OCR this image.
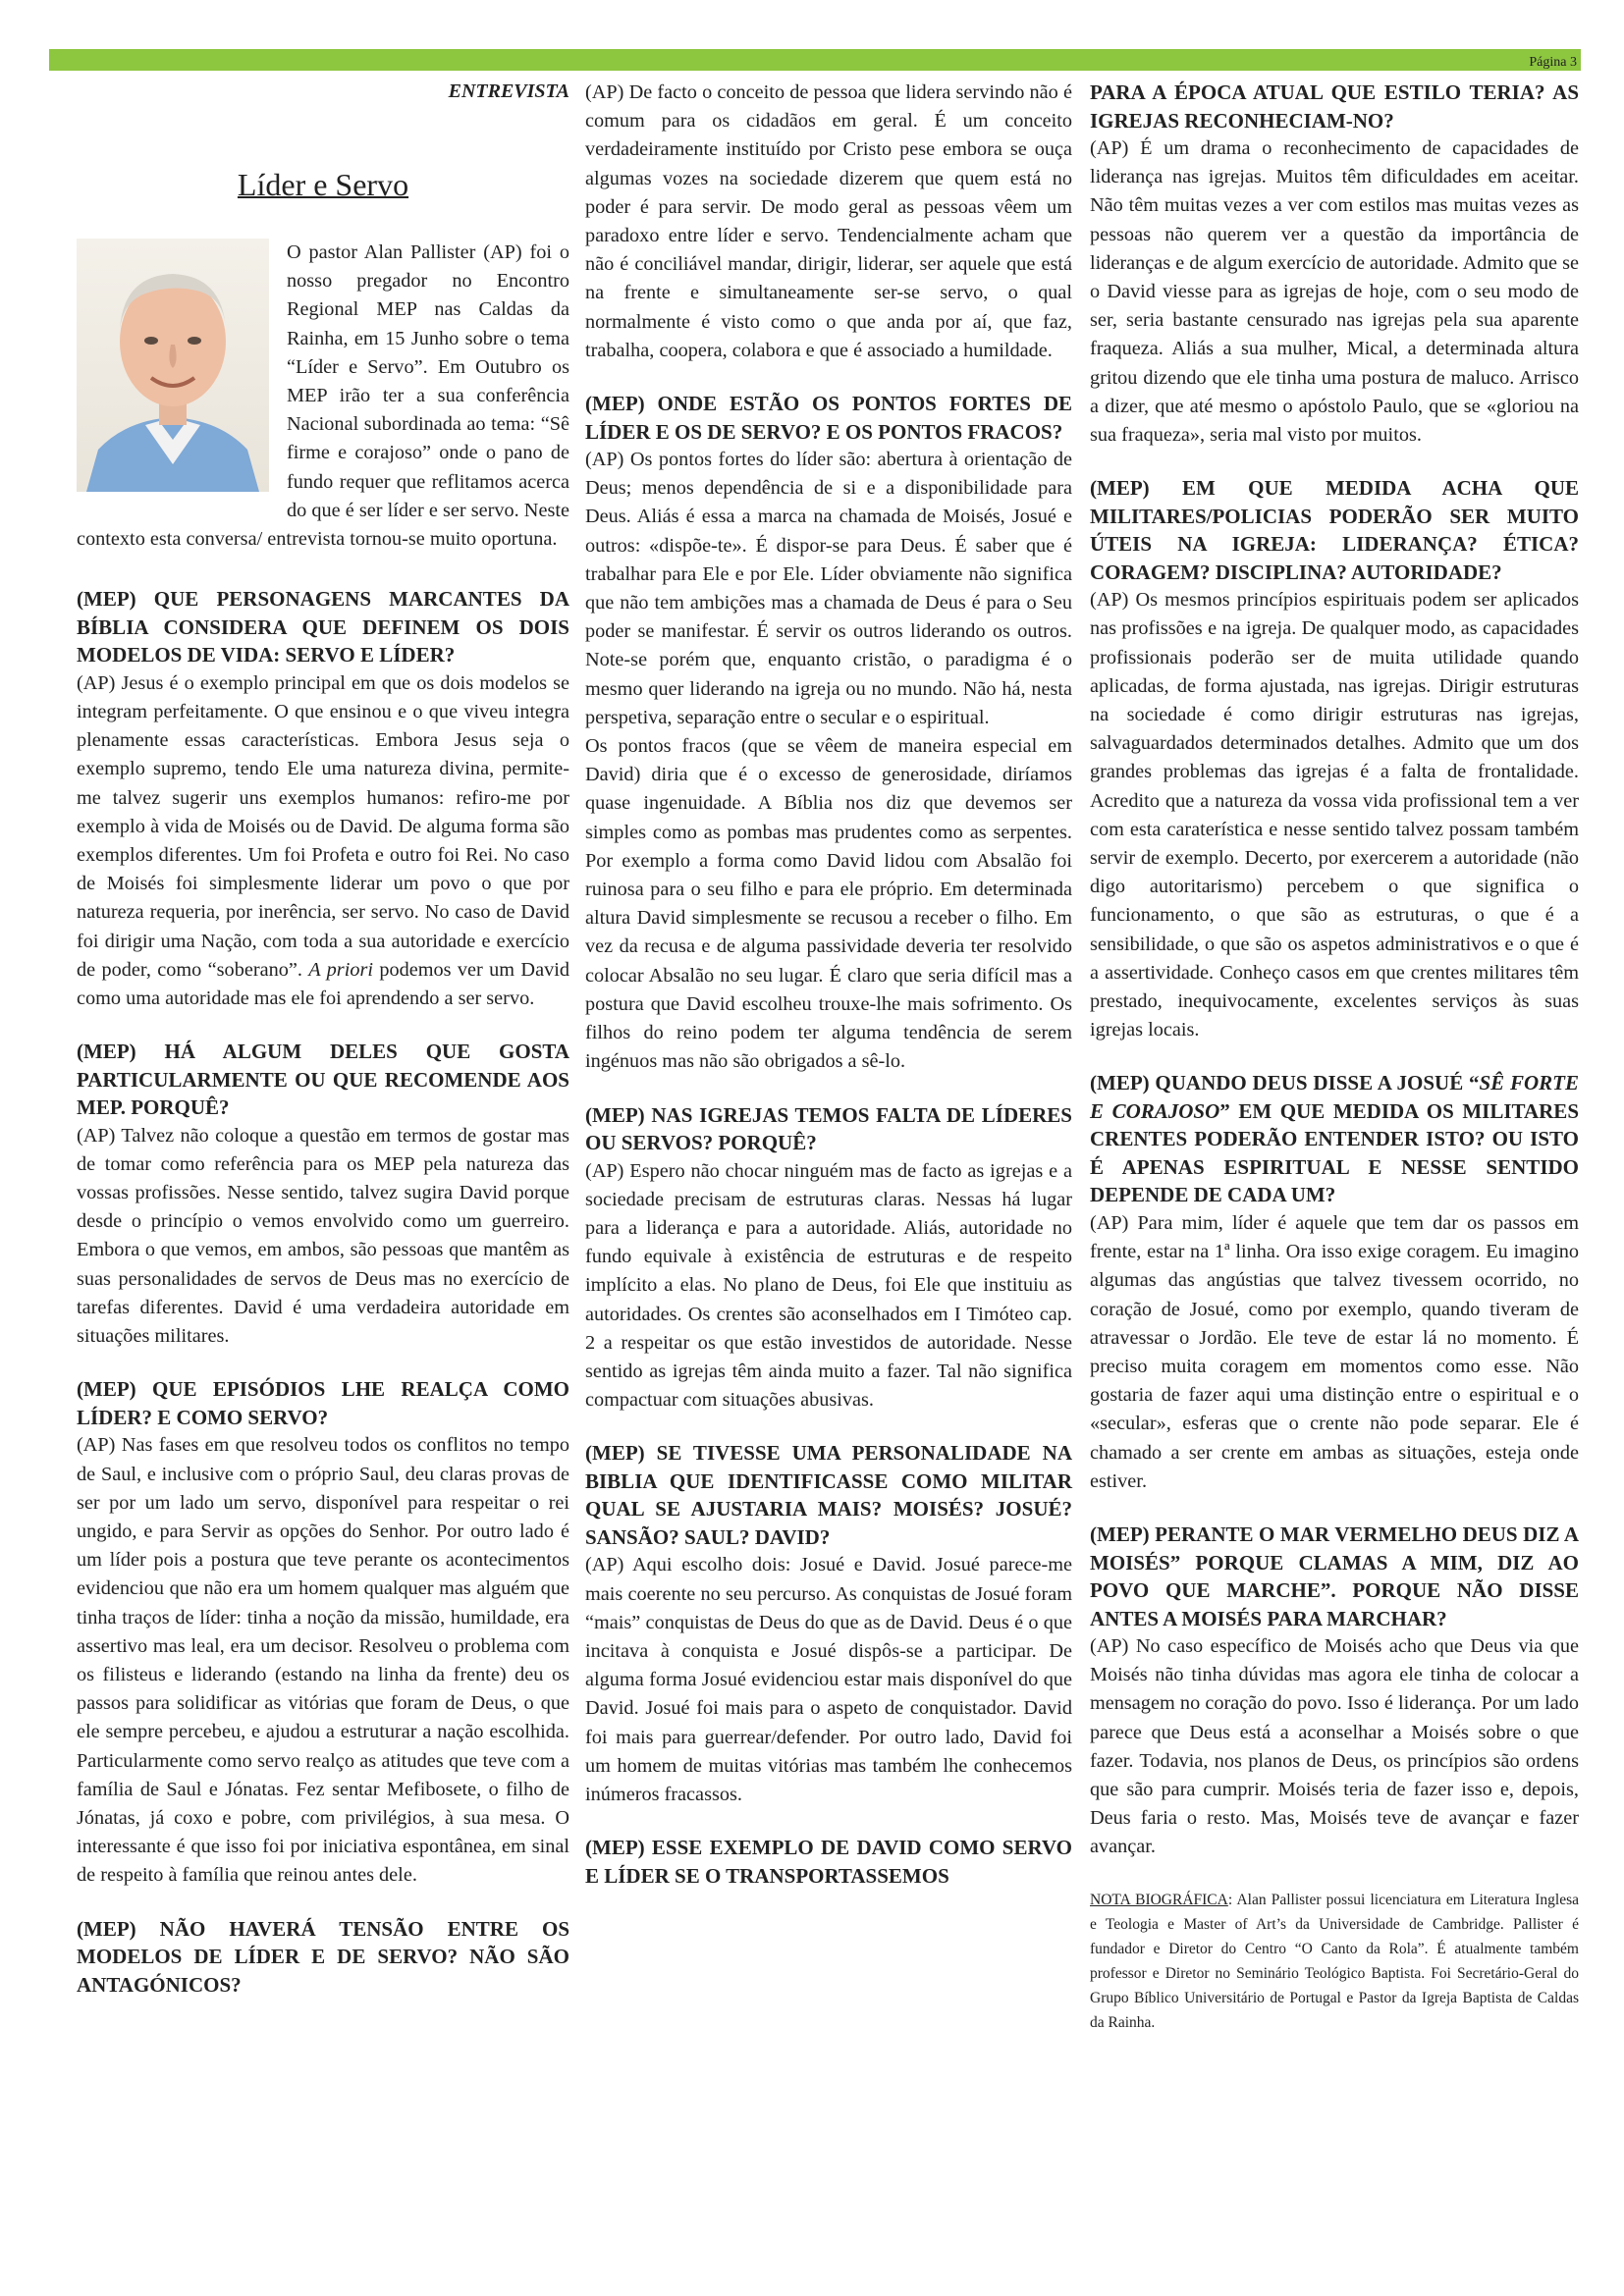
Página 3

ENTREVISTA

Líder e Servo

O pastor Alan Pallister (AP) foi o nosso pregador no Encontro Regional MEP nas Caldas da Rainha, em 15 Junho sobre o tema “Líder e Servo”. Em Outubro os MEP irão ter a sua conferência Nacional subordinada ao tema: “Sê firme e corajoso” onde o pano de fundo requer que reflitamos acerca do que é ser líder e ser servo. Neste contexto esta conversa/ entrevista tornou-se muito oportuna.

(MEP) QUE PERSONAGENS MARCANTES DA BÍBLIA CONSIDERA QUE DEFINEM OS DOIS MODELOS DE VIDA: SERVO E LÍDER?

(AP) Jesus é o exemplo principal em que os dois modelos se integram perfeitamente. O que ensinou e o que viveu integra plenamente essas características. Embora Jesus seja o exemplo supremo, tendo Ele uma natureza divina, permite-me talvez sugerir uns exemplos humanos: refiro-me por exemplo à vida de Moisés ou de David. De alguma forma são exemplos diferentes. Um foi Profeta e outro foi Rei. No caso de Moisés foi simplesmente liderar um povo o que por natureza requeria, por inerência, ser servo. No caso de David foi dirigir uma Nação, com toda a sua autoridade e exercício de poder, como “soberano”. A priori podemos ver um David como uma autoridade mas ele foi aprendendo a ser servo.

(MEP) HÁ ALGUM DELES QUE GOSTA PARTICULARMENTE OU QUE RECOMENDE AOS MEP. PORQUÊ?

(AP) Talvez não coloque a questão em termos de gostar mas de tomar como referência para os MEP pela natureza das vossas profissões. Nesse sentido, talvez sugira David porque desde o princípio o vemos envolvido como um guerreiro. Embora o que vemos, em ambos, são pessoas que mantêm as suas personalidades de servos de Deus mas no exercício de tarefas diferentes. David é uma verdadeira autoridade em situações militares.

(MEP) QUE EPISÓDIOS LHE REALÇA COMO LÍDER? E COMO SERVO?

(AP) Nas fases em que resolveu todos os conflitos no tempo de Saul, e inclusive com o próprio Saul, deu claras provas de ser por um lado um servo, disponível para respeitar o rei ungido, e para Servir as opções do Senhor. Por outro lado é um líder pois a postura que teve perante os acontecimentos evidenciou que não era um homem qualquer mas alguém que tinha traços de líder: tinha a noção da missão, humildade, era assertivo mas leal, era um decisor. Resolveu o problema com os filisteus e liderando (estando na linha da frente) deu os passos para solidificar as vitórias que foram de Deus, o que ele sempre percebeu, e ajudou a estruturar a nação escolhida. Particularmente como servo realço as atitudes que teve com a família de Saul e Jónatas. Fez sentar Mefibosete, o filho de Jónatas, já coxo e pobre, com privilégios, à sua mesa. O interessante é que isso foi por iniciativa espontânea, em sinal de respeito à família que reinou antes dele.

(MEP) NÃO HAVERÁ TENSÃO ENTRE OS MODELOS DE LÍDER E DE SERVO? NÃO SÃO ANTAGÓNICOS?

(AP) De facto o conceito de pessoa que lidera servindo não é comum para os cidadãos em geral. É um conceito verdadeiramente instituído por Cristo pese embora se ouça algumas vozes na sociedade dizerem que quem está no poder é para servir. De modo geral as pessoas vêem um paradoxo entre líder e servo. Tendencialmente acham que não é conciliável mandar, dirigir, liderar, ser aquele que está na frente e simultaneamente ser-se servo, o qual normalmente é visto como o que anda por aí, que faz, trabalha, coopera, colabora e que é associado a humildade.

(MEP) ONDE ESTÃO OS PONTOS FORTES DE LÍDER E OS DE SERVO? E OS PONTOS FRACOS?

(AP) Os pontos fortes do líder são: abertura à orientação de Deus; menos dependência de si e a disponibilidade para Deus. Aliás é essa a marca na chamada de Moisés, Josué e outros: «dispõe-te». É dispor-se para Deus. É saber que é trabalhar para Ele e por Ele. Líder obviamente não significa que não tem ambições mas a chamada de Deus é para o Seu poder se manifestar. É servir os outros liderando os outros. Note-se porém que, enquanto cristão, o paradigma é o mesmo quer liderando na igreja ou no mundo. Não há, nesta perspetiva, separação entre o secular e o espiritual.

Os pontos fracos (que se vêem de maneira especial em David) diria que é o excesso de generosidade, diríamos quase ingenuidade. A Bíblia nos diz que devemos ser simples como as pombas mas prudentes como as serpentes. Por exemplo a forma como David lidou com Absalão foi ruinosa para o seu filho e para ele próprio. Em determinada altura David simplesmente se recusou a receber o filho. Em vez da recusa e de alguma passividade deveria ter resolvido colocar Absalão no seu lugar. É claro que seria difícil mas a postura que David escolheu trouxe-lhe mais sofrimento. Os filhos do reino podem ter alguma tendência de serem ingénuos mas não são obrigados a sê-lo.

(MEP) NAS IGREJAS TEMOS FALTA DE LÍDERES OU SERVOS? PORQUÊ?

(AP) Espero não chocar ninguém mas de facto as igrejas e a sociedade precisam de estruturas claras. Nessas há lugar para a liderança e para a autoridade. Aliás, autoridade no fundo equivale à existência de estruturas e de respeito implícito a elas. No plano de Deus, foi Ele que instituiu as autoridades. Os crentes são aconselhados em I Timóteo cap. 2 a respeitar os que estão investidos de autoridade. Nesse sentido as igrejas têm ainda muito a fazer. Tal não significa compactuar com situações abusivas.

(MEP) SE TIVESSE UMA PERSONALIDADE NA BIBLIA QUE IDENTIFICASSE COMO MILITAR QUAL SE AJUSTARIA MAIS? MOISÉS? JOSUÉ? SANSÃO? SAUL? DAVID?

(AP) Aqui escolho dois: Josué e David. Josué parece-me mais coerente no seu percurso. As conquistas de Josué foram “mais” conquistas de Deus do que as de David. Deus é o que incitava à conquista e Josué dispôs-se a participar. De alguma forma Josué evidenciou estar mais disponível do que David. Josué foi mais para o aspeto de conquistador. David foi mais para guerrear/defender. Por outro lado, David foi um homem de muitas vitórias mas também lhe conhecemos inúmeros fracassos.

(MEP) ESSE EXEMPLO DE DAVID COMO SERVO E LÍDER SE O TRANSPORTASSEMOS

PARA A ÉPOCA ATUAL QUE ESTILO TERIA? AS IGREJAS RECONHECIAM-NO?

(AP) É um drama o reconhecimento de capacidades de liderança nas igrejas. Muitos têm dificuldades em aceitar. Não têm muitas vezes a ver com estilos mas muitas vezes as pessoas não querem ver a questão da importância de lideranças e de algum exercício de autoridade. Admito que se o David viesse para as igrejas de hoje, com o seu modo de ser, seria bastante censurado nas igrejas pela sua aparente fraqueza. Aliás a sua mulher, Mical, a determinada altura gritou dizendo que ele tinha uma postura de maluco. Arrisco a dizer, que até mesmo o apóstolo Paulo, que se «gloriou na sua fraqueza», seria mal visto por muitos.

(MEP) EM QUE MEDIDA ACHA QUE MILITARES/POLICIAS PODERÃO SER MUITO ÚTEIS NA IGREJA: LIDERANÇA? ÉTICA? CORAGEM? DISCIPLINA? AUTORIDADE?

(AP) Os mesmos princípios espirituais podem ser aplicados nas profissões e na igreja. De qualquer modo, as capacidades profissionais poderão ser de muita utilidade quando aplicadas, de forma ajustada, nas igrejas. Dirigir estruturas na sociedade é como dirigir estruturas nas igrejas, salvaguardados determinados detalhes. Admito que um dos grandes problemas das igrejas é a falta de frontalidade. Acredito que a natureza da vossa vida profissional tem a ver com esta caraterística e nesse sentido talvez possam também servir de exemplo. Decerto, por exercerem a autoridade (não digo autoritarismo) percebem o que significa o funcionamento, o que são as estruturas, o que é a sensibilidade, o que são os aspetos administrativos e o que é a assertividade. Conheço casos em que crentes militares têm prestado, inequivocamente, excelentes serviços às suas igrejas locais.

(MEP) QUANDO DEUS DISSE A JOSUÉ “SÊ FORTE E CORAJOSO” EM QUE MEDIDA OS MILITARES CRENTES PODERÃO ENTENDER ISTO? OU ISTO É APENAS ESPIRITUAL E NESSE SENTIDO DEPENDE DE CADA UM?

(AP) Para mim, líder é aquele que tem dar os passos em frente, estar na 1ª linha. Ora isso exige coragem. Eu imagino algumas das angústias que talvez tivessem ocorrido, no coração de Josué, como por exemplo, quando tiveram de atravessar o Jordão. Ele teve de estar lá no momento. É preciso muita coragem em momentos como esse. Não gostaria de fazer aqui uma distinção entre o espiritual e o «secular», esferas que o crente não pode separar. Ele é chamado a ser crente em ambas as situações, esteja onde estiver.

(MEP) PERANTE O MAR VERMELHO DEUS DIZ A MOISÉS” PORQUE CLAMAS A MIM, DIZ AO POVO QUE MARCHE”. PORQUE NÃO DISSE ANTES A MOISÉS PARA MARCHAR?

(AP) No caso específico de Moisés acho que Deus via que Moisés não tinha dúvidas mas agora ele tinha de colocar a mensagem no coração do povo. Isso é liderança. Por um lado parece que Deus está a aconselhar a Moisés sobre o que fazer. Todavia, nos planos de Deus, os princípios são ordens que são para cumprir. Moisés teria de fazer isso e, depois, Deus faria o resto. Mas, Moisés teve de avançar e fazer avançar.

NOTA BIOGRÁFICA: Alan Pallister possui licenciatura em Literatura Inglesa e Teologia e Master of Art’s da Universidade de Cambridge. Pallister é fundador e Diretor do Centro “O Canto da Rola”. É atualmente também professor e Diretor no Seminário Teológico Baptista. Foi Secretário-Geral do Grupo Bíblico Universitário de Portugal e Pastor da Igreja Baptista de Caldas da Rainha.
